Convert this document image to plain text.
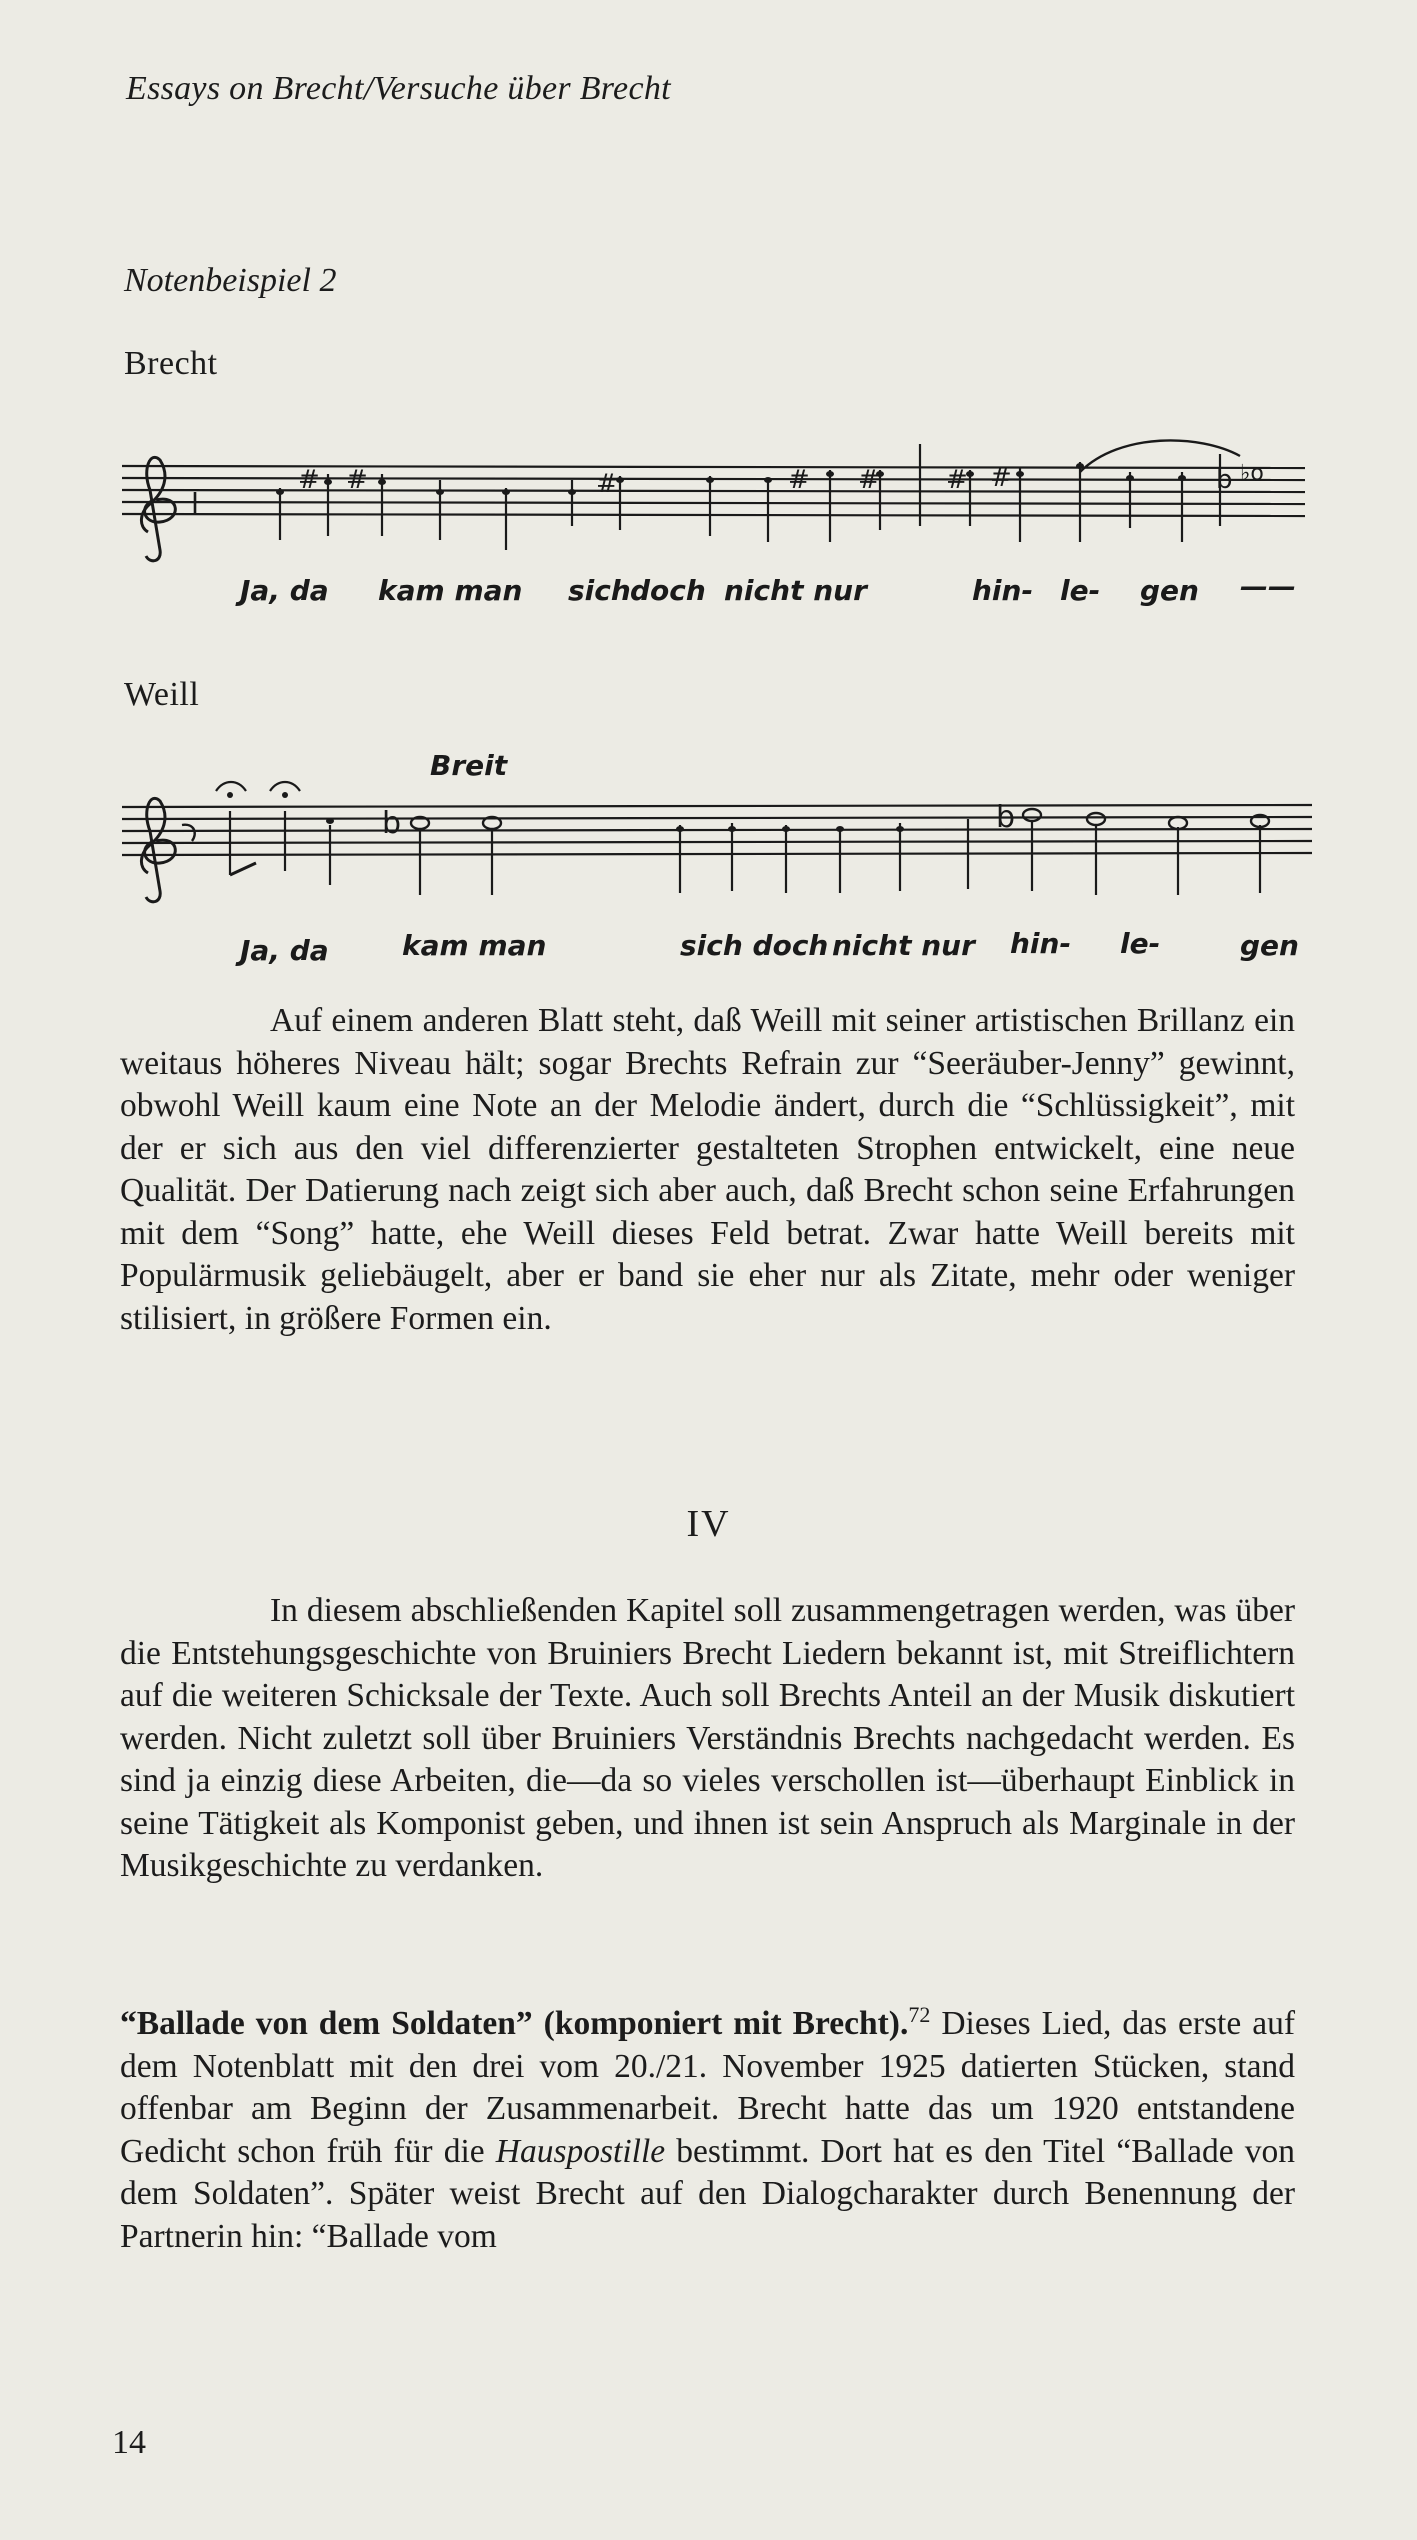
Essays on Brecht/Versuche über Brecht
Notenbeispiel 2
Brecht
# #	#	# #	# #	b ♭o
Ja, da kam man sich doch nicht nur	hin- le- gen ——
Weill
Breit
b	b
Ja, da	kam man	sich doch nicht nur hin- le-	gen

Auf einem anderen Blatt steht, daß Weill mit seiner artistischen Brillanz ein weitaus höheres Niveau hält; sogar Brechts Refrain zur “Seeräuber-Jenny” gewinnt, obwohl Weill kaum eine Note an der Melodie ändert, durch die “Schlüssigkeit”, mit der er sich aus den viel differenzierter gestalteten Strophen entwickelt, eine neue Qualität. Der Datierung nach zeigt sich aber auch, daß Brecht schon seine Erfahrungen mit dem “Song” hatte, ehe Weill dieses Feld betrat. Zwar hatte Weill bereits mit Populärmusik geliebäugelt, aber er band sie eher nur als Zitate, mehr oder weniger stilisiert, in größere Formen ein.

IV

In diesem abschließenden Kapitel soll zusammengetragen werden, was über die Entstehungsgeschichte von Bruiniers Brecht Liedern bekannt ist, mit Streiflichtern auf die weiteren Schicksale der Texte. Auch soll Brechts Anteil an der Musik diskutiert werden. Nicht zuletzt soll über Bruiniers Verständnis Brechts nachgedacht werden. Es sind ja einzig diese Arbeiten, die—da so vieles verschollen ist—überhaupt Einblick in seine Tätigkeit als Komponist geben, und ihnen ist sein Anspruch als Marginale in der Musikgeschichte zu verdanken.

“Ballade von dem Soldaten” (komponiert mit Brecht).$^{72}$ Dieses Lied, das erste auf dem Notenblatt mit den drei vom 20./21. November 1925 datierten Stücken, stand offenbar am Beginn der Zusammenarbeit. Brecht hatte das um 1920 entstandene Gedicht schon früh für die Hauspostille bestimmt. Dort hat es den Titel “Ballade von dem Soldaten”. Später weist Brecht auf den Dialogcharakter durch Benennung der Partnerin hin: “Ballade vom

14
